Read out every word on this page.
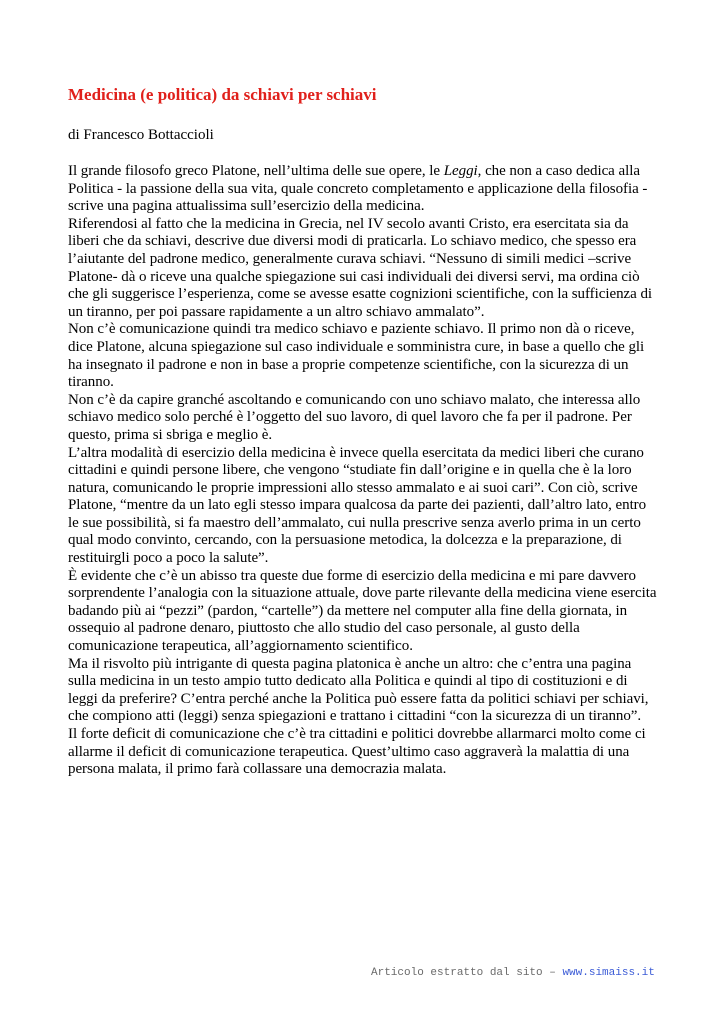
Medicina (e politica) da schiavi per schiavi

di Francesco Bottaccioli

Il grande filosofo greco Platone, nell’ultima delle sue opere, le Leggi, che non a caso dedica alla Politica - la passione della sua vita, quale concreto completamento e applicazione della filosofia - scrive una pagina attualissima sull’esercizio della medicina.

Riferendosi al fatto che la medicina in Grecia, nel IV secolo avanti Cristo, era esercitata sia da liberi che da schiavi, descrive due diversi modi di praticarla. Lo schiavo medico, che spesso era l’aiutante del padrone medico, generalmente curava schiavi. “Nessuno di simili medici –scrive Platone- dà o riceve una qualche spiegazione sui casi individuali dei diversi servi, ma ordina ciò che gli suggerisce l’esperienza, come se avesse esatte cognizioni scientifiche, con la sufficienza di un tiranno, per poi passare rapidamente a un altro schiavo ammalato”.

Non c’è comunicazione quindi tra medico schiavo e paziente schiavo. Il primo non dà o riceve, dice Platone, alcuna spiegazione sul caso individuale e somministra cure, in base a quello che gli ha insegnato il padrone e non in base a proprie competenze scientifiche, con la sicurezza di un tiranno.

Non c’è da capire granché ascoltando e comunicando con uno schiavo malato, che interessa allo schiavo medico solo perché è l’oggetto del suo lavoro, di quel lavoro che fa per il padrone. Per questo, prima si sbriga e meglio è.

L’altra modalità di esercizio della medicina è invece quella esercitata da medici liberi che curano cittadini e quindi persone libere, che vengono “studiate fin dall’origine e in quella che è la loro natura, comunicando le proprie impressioni allo stesso ammalato e ai suoi cari”. Con ciò, scrive Platone, “mentre da un lato egli stesso impara qualcosa da parte dei pazienti, dall’altro lato, entro le sue possibilità, si fa maestro dell’ammalato, cui nulla prescrive senza averlo prima in un certo qual modo convinto, cercando, con la persuasione metodica, la dolcezza e la preparazione, di restituirgli poco a poco la salute”.

È evidente che c’è un abisso tra queste due forme di esercizio della medicina e mi pare davvero sorprendente l’analogia con la situazione attuale, dove parte rilevante della medicina viene esercita badando più ai “pezzi” (pardon, “cartelle”) da mettere nel computer alla fine della giornata, in ossequio al padrone denaro, piuttosto che allo studio del caso personale, al gusto della comunicazione terapeutica, all’aggiornamento scientifico.

Ma il risvolto più intrigante di questa pagina platonica è anche un altro: che c’entra una pagina sulla medicina in un testo ampio tutto dedicato alla Politica e quindi al tipo di costituzioni e di leggi da preferire? C’entra perché anche la Politica può essere fatta da politici schiavi per schiavi, che compiono atti (leggi) senza spiegazioni e trattano i cittadini “con la sicurezza di un tiranno”.

Il forte deficit di comunicazione che c’è tra cittadini e politici dovrebbe allarmarci molto come ci allarme il deficit di comunicazione terapeutica. Quest’ultimo caso aggraverà la malattia di una persona malata, il primo farà collassare una democrazia malata.

Articolo estratto dal sito – www.simaiss.it
